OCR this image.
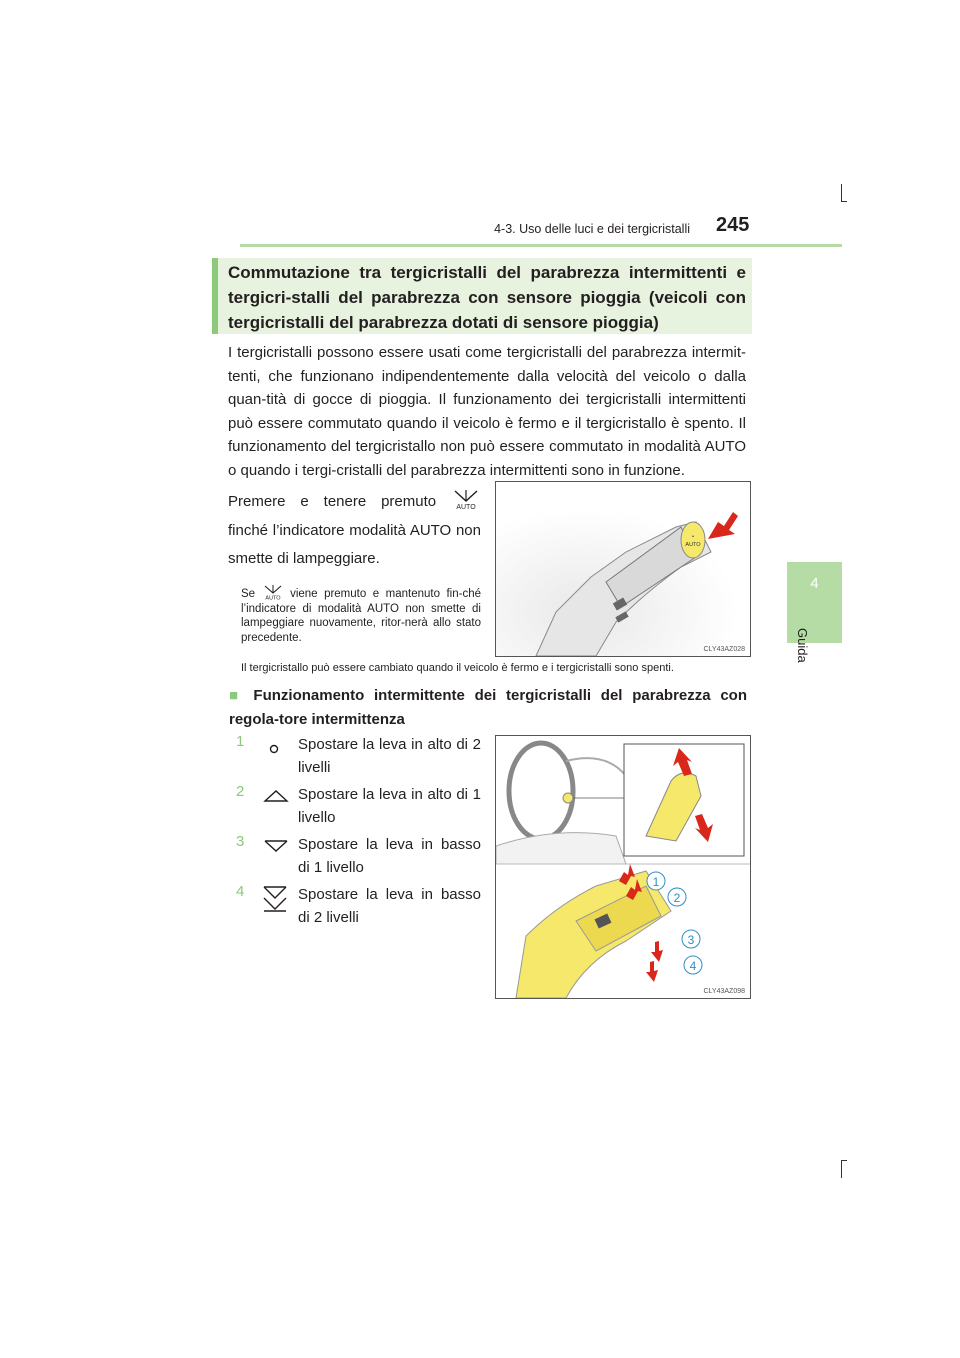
4-3. Uso delle luci e dei tergicristalli 245
4
Guida
Commutazione tra tergicristalli del parabrezza intermittenti e tergicri-stalli del parabrezza con sensore pioggia (veicoli con tergicristalli del parabrezza dotati di sensore pioggia)
I tergicristalli possono essere usati come tergicristalli del parabrezza intermit-tenti, che funzionano indipendentemente dalla velocità del veicolo o dalla quan-tità di gocce di pioggia. Il funzionamento dei tergicristalli intermittenti può essere commutato quando il veicolo è fermo e il tergicristallo è spento. Il funzionamento del tergicristallo non può essere commutato in modalità AUTO o quando i tergi-cristalli del parabrezza intermittenti sono in funzione.
Premere e tenere premuto	AUTO
finché l’indicatore modalità AUTO non smette di lampeggiare.
Se AUTO viene premuto e mantenuto fin-ché l’indicatore di modalità AUTO non smette di lampeggiare nuovamente, ritor-nerà allo stato precedente.
⌄
AUTO
CLY43AZ028
Il tergicristallo può essere cambiato quando il veicolo è fermo e i tergicristalli sono spenti.
■ Funzionamento intermittente dei tergicristalli del parabrezza con regola-tore intermittenza
1	Spostare la leva in alto di 2 livelli
2	Spostare la leva in alto di 1 livello
3	Spostare la leva in basso di 1 livello
4	Spostare la leva in basso di 2 livelli
1
2
3
4
CLY43AZ098
